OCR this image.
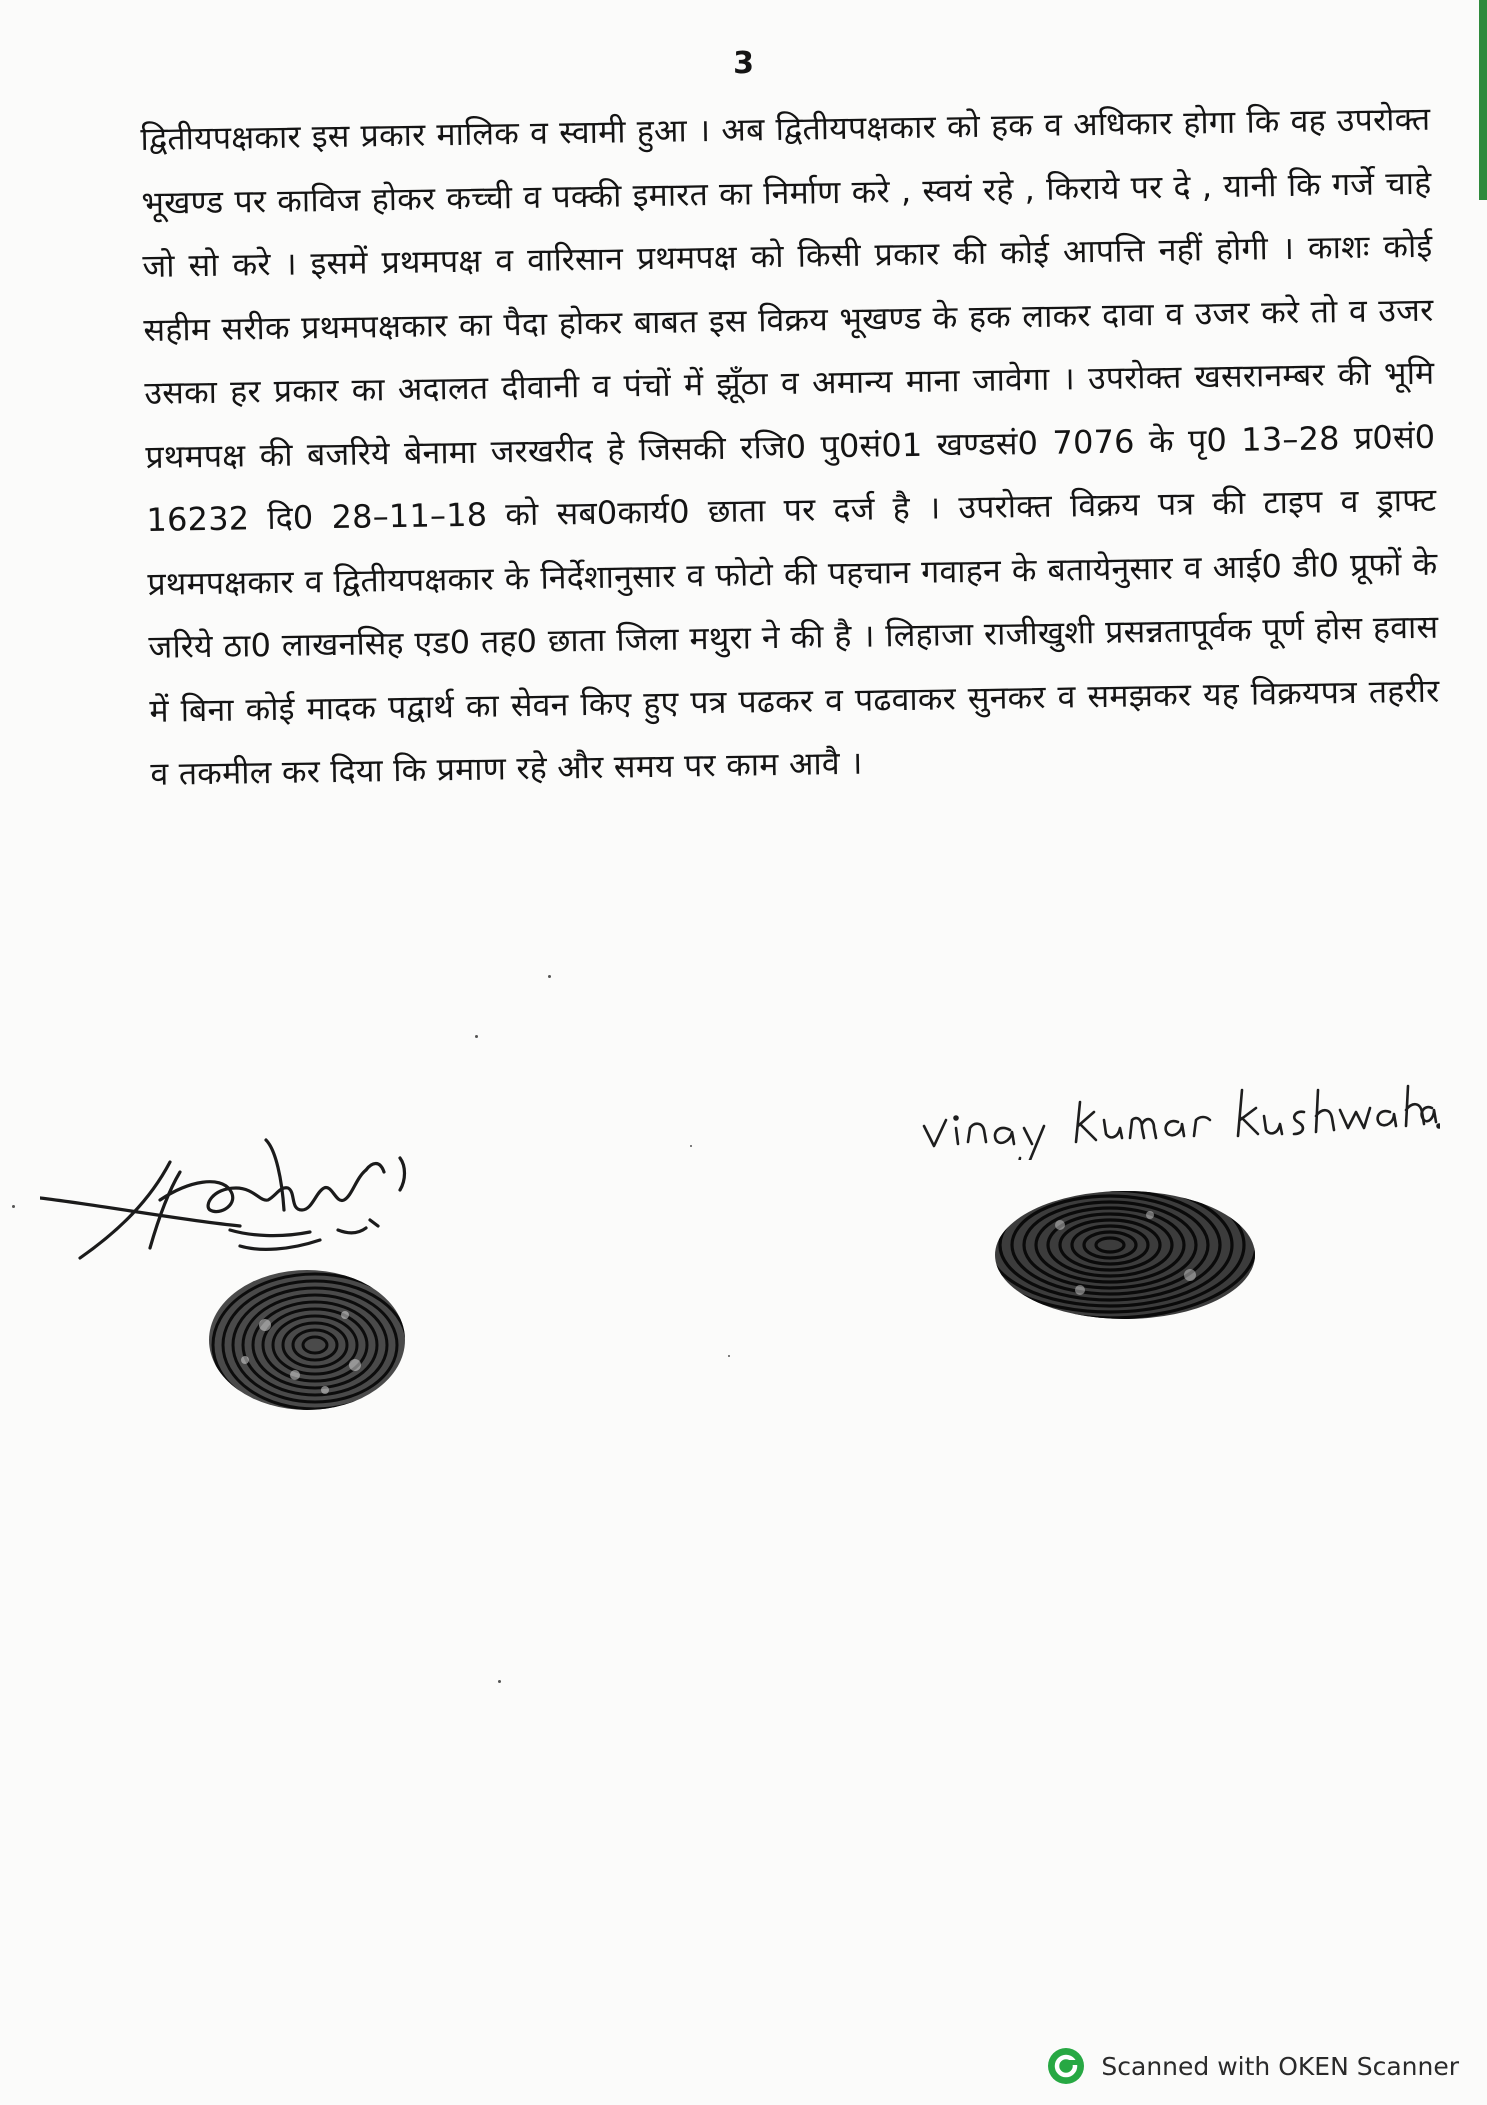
3

द्वितीयपक्षकार इस प्रकार मालिक व स्वामी हुआ । अब द्वितीयपक्षकार को हक व अधिकार होगा कि वह उपरोक्त भूखण्ड पर काविज होकर कच्ची व पक्की इमारत का निर्माण करे , स्वयं रहे , किराये पर दे , यानी कि गर्जे चाहे जो सो करे । इसमें प्रथमपक्ष व वारिसान प्रथमपक्ष को किसी प्रकार की कोई आपत्ति नहीं होगी । काशः कोई सहीम सरीक प्रथमपक्षकार का पैदा होकर बाबत इस विक्रय भूखण्ड के हक लाकर दावा व उजर करे तो व उजर उसका हर प्रकार का अदालत दीवानी व पंचों में झूँठा व अमान्य माना जावेगा । उपरोक्त खसरानम्बर की भूमि प्रथमपक्ष की बजरिये बेनामा जरखरीद हे जिसकी रजि0 पु0सं01 खण्डसं0 7076 के पृ0 13–28 प्र0सं0 16232 दि0 28–11–18 को सब0कार्य0 छाता पर दर्ज है । उपरोक्त विक्रय पत्र की टाइप व ड्राफ्ट प्रथमपक्षकार व द्वितीयपक्षकार के निर्देशानुसार व फोटो की पहचान गवाहन के बतायेनुसार व आई0 डी0 प्रूफों के जरिये ठा0 लाखनसिह एड0 तह0 छाता जिला मथुरा ने की है । लिहाजा राजीखुशी प्रसन्नतापूर्वक पूर्ण होस हवास में बिना कोई मादक पद्वार्थ का सेवन किए हुए पत्र पढकर व पढवाकर सुनकर व समझकर यह विक्रयपत्र तहरीर व तकमील कर दिया कि प्रमाण रहे और समय पर काम आवै ।

Scanned with OKEN Scanner
